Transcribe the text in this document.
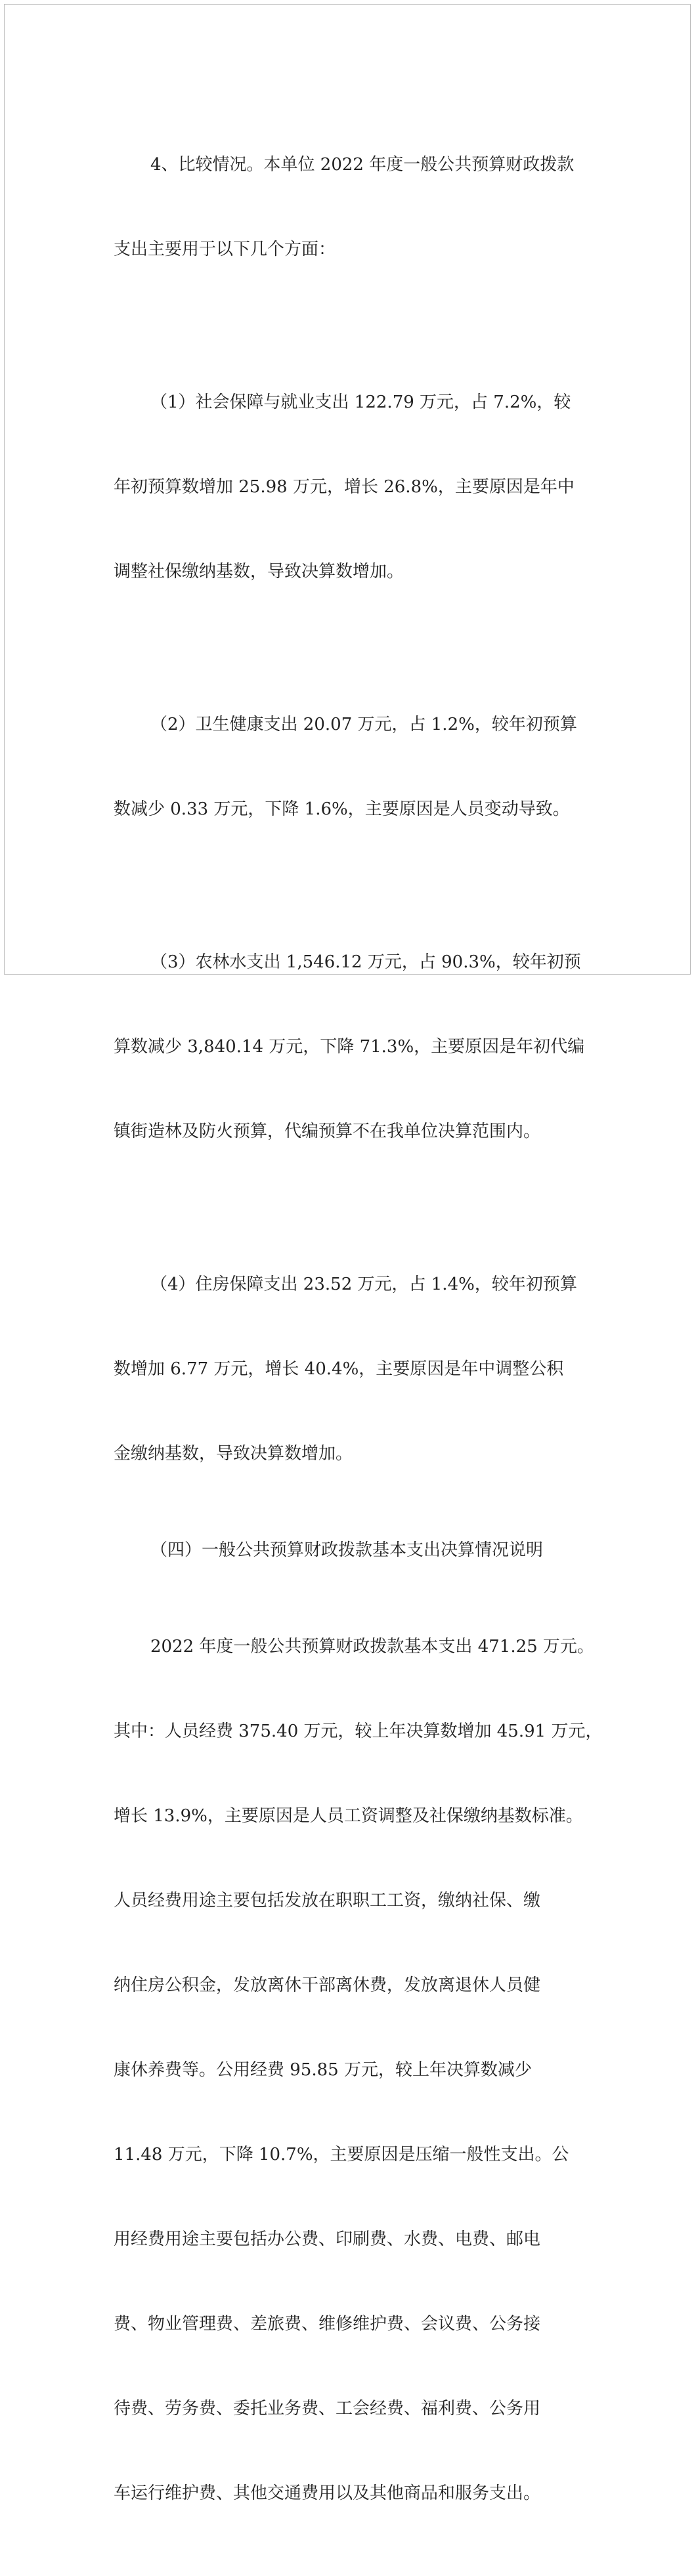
4、比较情况。本单位 2022 年度一般公共预算财政拨款

支出主要用于以下几个方面：

（1）社会保障与就业支出 122.79 万元，占 7.2%，较

年初预算数增加 25.98 万元，增长 26.8%，主要原因是年中

调整社保缴纳基数，导致决算数增加。

（2）卫生健康支出 20.07 万元，占 1.2%，较年初预算

数减少 0.33 万元，下降 1.6%，主要原因是人员变动导致。

（3）农林水支出 1,546.12 万元，占 90.3%，较年初预

算数减少 3,840.14 万元，下降 71.3%，主要原因是年初代编

镇街造林及防火预算，代编预算不在我单位决算范围内。

（4）住房保障支出 23.52 万元，占 1.4%，较年初预算

数增加 6.77 万元，增长 40.4%，主要原因是年中调整公积

金缴纳基数，导致决算数增加。

（四）一般公共预算财政拨款基本支出决算情况说明

2022 年度一般公共预算财政拨款基本支出 471.25 万元。

其中：人员经费 375.40 万元，较上年决算数增加 45.91 万元，

增长 13.9%，主要原因是人员工资调整及社保缴纳基数标准。

人员经费用途主要包括发放在职职工工资，缴纳社保、缴

纳住房公积金，发放离休干部离休费，发放离退休人员健

康休养费等。公用经费 95.85 万元，较上年决算数减少

11.48 万元，下降 10.7%，主要原因是压缩一般性支出。公

用经费用途主要包括办公费、印刷费、水费、电费、邮电

费、物业管理费、差旅费、维修维护费、会议费、公务接

待费、劳务费、委托业务费、工会经费、福利费、公务用

车运行维护费、其他交通费用以及其他商品和服务支出。
